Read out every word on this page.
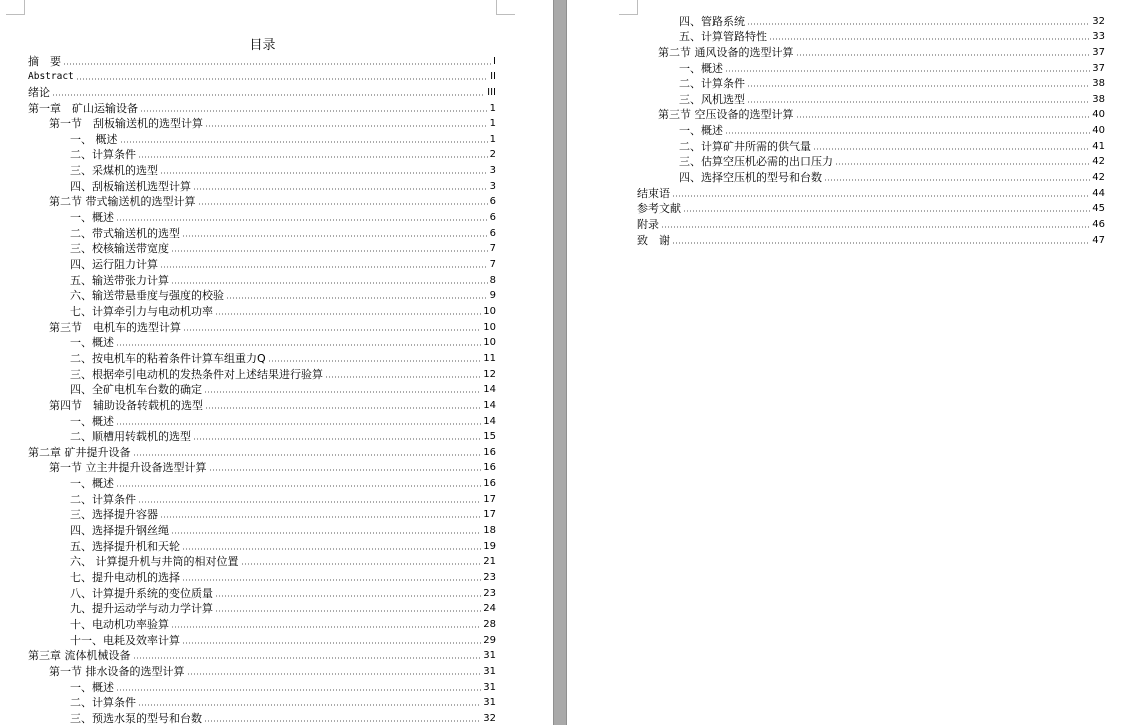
目录
摘　要	I
Abstract	II
绪论	III
第一章　矿山运输设备	1
第一节　刮板输送机的选型计算	1
一、 概述	1
二、计算条件	2
三、采煤机的选型	3
四、刮板输送机选型计算	3
第二节 带式输送机的选型计算	6
一、概述	6
二、带式输送机的选型	6
三、校核输送带宽度	7
四、运行阻力计算	7
五、输送带张力计算	8
六、输送带悬垂度与强度的校验	9
七、计算牵引力与电动机功率	10
第三节　电机车的选型计算	10
一、概述	10
二、按电机车的粘着条件计算车组重力Q	11
三、根据牵引电动机的发热条件对上述结果进行验算	12
四、全矿电机车台数的确定	14
第四节　辅助设备转载机的选型	14
一、概述	14
二、顺槽用转载机的选型	15
第二章 矿井提升设备	16
第一节 立主井提升设备选型计算	16
一、概述	16
二、计算条件	17
三、选择提升容器	17
四、选择提升钢丝绳	18
五、选择提升机和天轮	19
六、 计算提升机与井筒的相对位置	21
七、提升电动机的选择	23
八、计算提升系统的变位质量	23
九、提升运动学与动力学计算	24
十、电动机功率验算	28
十一、电耗及效率计算	29
第三章 流体机械设备	31
第一节 排水设备的选型计算	31
一、概述	31
二、计算条件	31
三、预选水泵的型号和台数	32
四、管路系统	32
五、计算管路特性	33
第二节 通风设备的选型计算	37
一、概述	37
二、计算条件	38
三、风机选型	38
第三节 空压设备的选型计算	40
一、概述	40
二、计算矿井所需的供气量	41
三、估算空压机必需的出口压力	42
四、选择空压机的型号和台数	42
结束语	44
参考文献	45
附录	46
致　谢	47
